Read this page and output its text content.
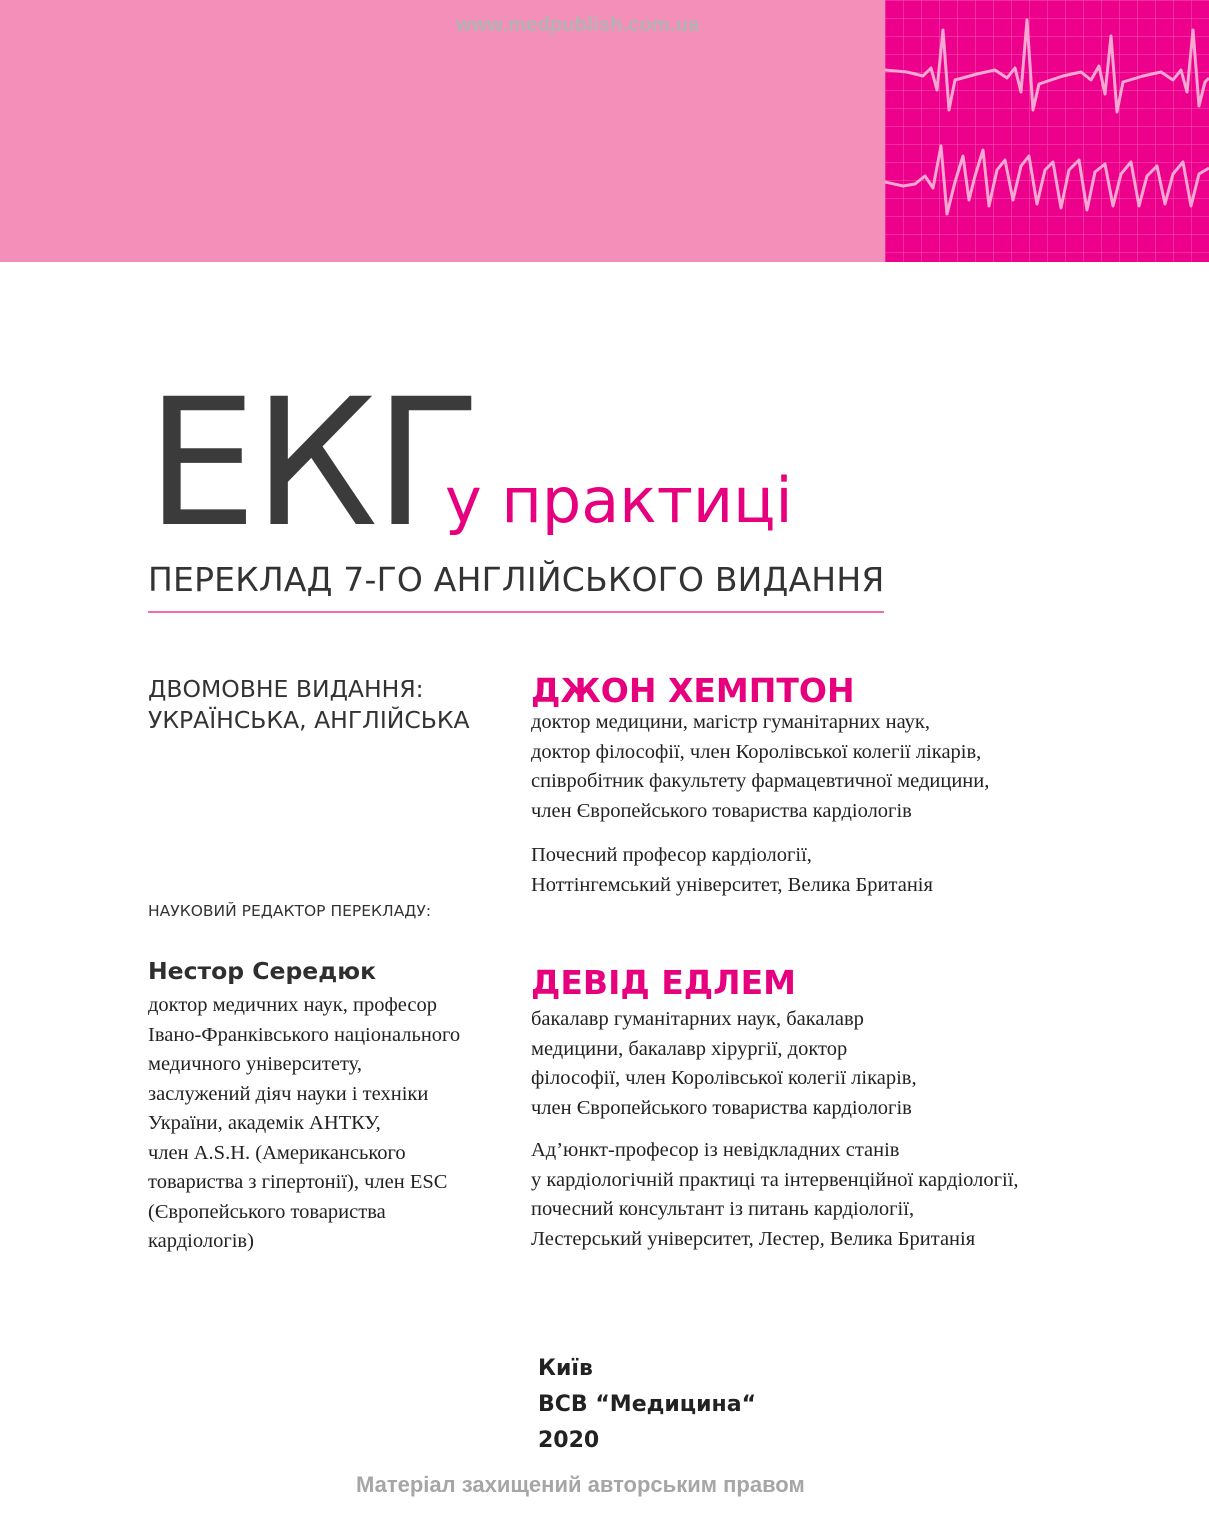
www.medpublish.com.ua
ЕКГ
у практиці
ПЕРЕКЛАД 7-ГО АНГЛІЙСЬКОГО ВИДАННЯ
ДВОМОВНЕ ВИДАННЯ:
УКРАЇНСЬКА, АНГЛІЙСЬКА
НАУКОВИЙ РЕДАКТОР ПЕРЕКЛАДУ:
Нестор Середюк
доктор медичних наук, професор
Івано-Франківського національного
медичного університету,
заслужений діяч науки і техніки
України, академік АНТКУ,
член A.S.H. (Американського
товариства з гіпертонії), член ESC
(Європейського товариства
кардіологів)
ДЖОН ХЕМПТОН
доктор медицини, магістр гуманітарних наук,
доктор філософії, член Королівської колегії лікарів,
співробітник факультету фармацевтичної медицини,
член Європейського товариства кардіологів
Почесний професор кардіології,
Ноттінгемський університет, Велика Британія
ДЕВІД ЕДЛЕМ
бакалавр гуманітарних наук, бакалавр
медицини, бакалавр хірургії, доктор
філософії, член Королівської колегії лікарів,
член Європейського товариства кардіологів
Ад’юнкт-професор із невідкладних станів
у кардіологічній практиці та інтервенційної кардіології,
почесний консультант із питань кардіології,
Лестерський університет, Лестер, Велика Британія
Київ
ВСВ “Медицина“
2020
Матеріал захищений авторським правом
